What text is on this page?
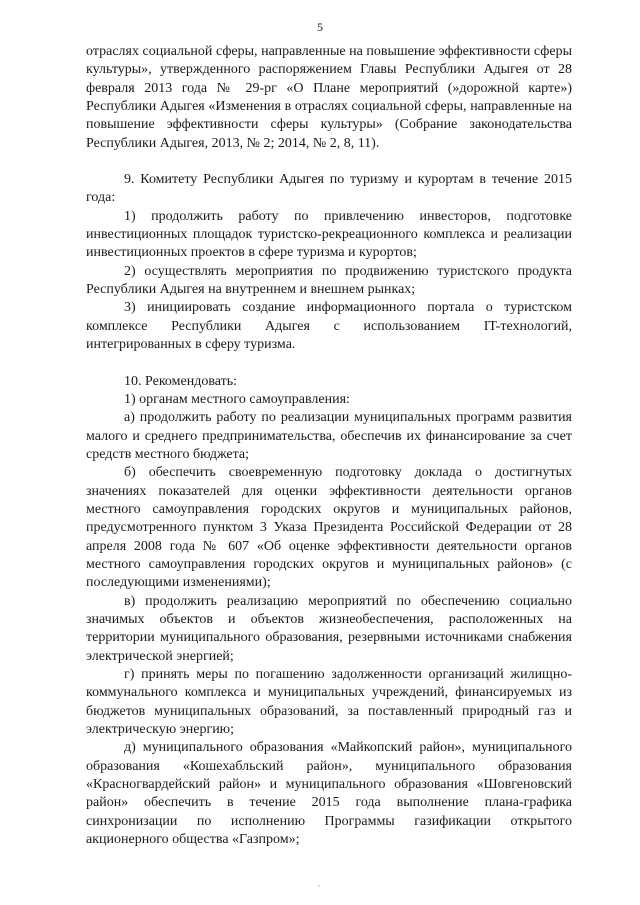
5

отраслях социальной сферы, направленные на повышение эффективности сферы культуры», утвержденного распоряжением Главы Республики Адыгея от 28 февраля 2013 года № 29-рг «О Плане мероприятий (»дорожной карте») Республики Адыгея «Изменения в отраслях социальной сферы, направленные на повышение эффективности сферы культуры» (Собрание законодательства Республики Адыгея, 2013, № 2; 2014, № 2, 8, 11).

9. Комитету Республики Адыгея по туризму и курортам в течение 2015 года:

1) продолжить работу по привлечению инвесторов, подготовке инвестиционных площадок туристско-рекреационного комплекса и реализации инвестиционных проектов в сфере туризма и курортов;

2) осуществлять мероприятия по продвижению туристского продукта Республики Адыгея на внутреннем и внешнем рынках;

3) инициировать создание информационного портала о туристском комплексе Республики Адыгея с использованием IT-технологий, интегрированных в сферу туризма.

10. Рекомендовать:

1) органам местного самоуправления:

а) продолжить работу по реализации муниципальных программ развития малого и среднего предпринимательства, обеспечив их финансирование за счет средств местного бюджета;

б) обеспечить своевременную подготовку доклада о достигнутых значениях показателей для оценки эффективности деятельности органов местного самоуправления городских округов и муниципальных районов, предусмотренного пунктом 3 Указа Президента Российской Федерации от 28 апреля 2008 года № 607 «Об оценке эффективности деятельности органов местного самоуправления городских округов и муниципальных районов» (с последующими изменениями);

в) продолжить реализацию мероприятий по обеспечению социально значимых объектов и объектов жизнеобеспечения, расположенных на территории муниципального образования, резервными источниками снабжения электрической энергией;

г) принять меры по погашению задолженности организаций жилищно-коммунального комплекса и муниципальных учреждений, финансируемых из бюджетов муниципальных образований, за поставленный природный газ и электрическую энергию;

д) муниципального образования «Майкопский район», муниципального образования «Кошехабльский район», муниципального образования «Красногвардейский район» и муниципального образования «Шовгеновский район» обеспечить в течение 2015 года выполнение плана-графика синхронизации по исполнению Программы газификации открытого акционерного общества «Газпром»;
